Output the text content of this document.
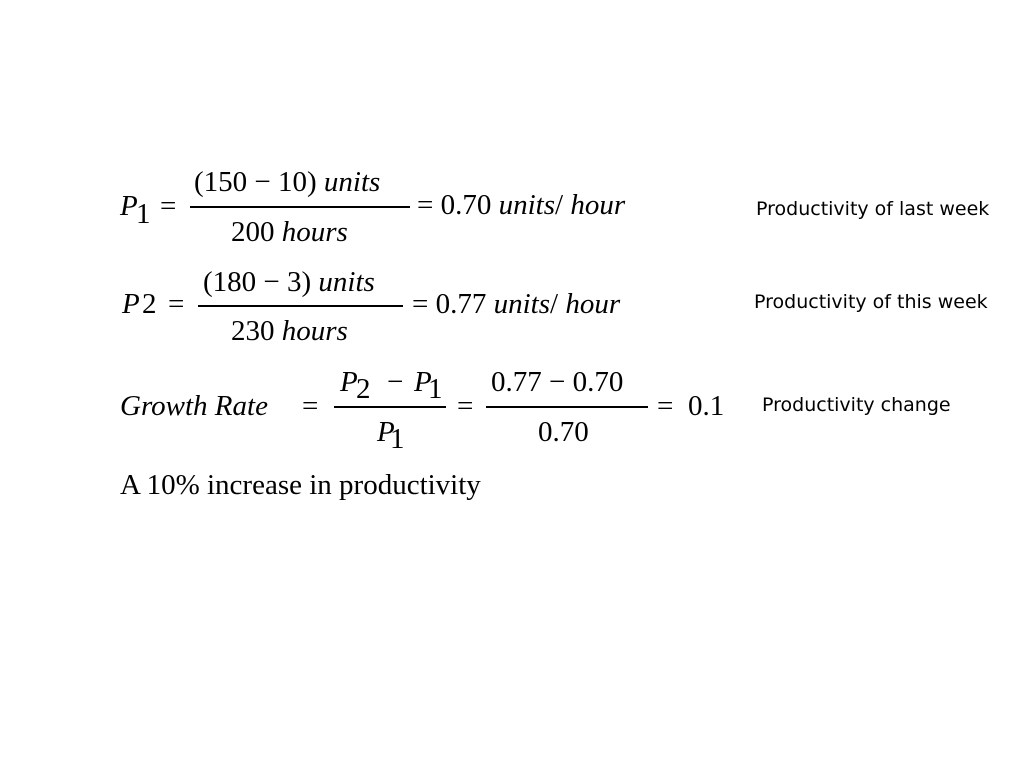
P
1 =
(150 − 10) units
200 hours
= 0.70 units/ hour	Productivity of last week
P 2 =
(180 − 3) units
230 hours
= 0.77 units/ hour	Productivity of this week
Growth Rate =
P
2 − P
1
P
1
=
0.77 − 0.70
0.70
= 0.1 Productivity change
A 10% increase in productivity
